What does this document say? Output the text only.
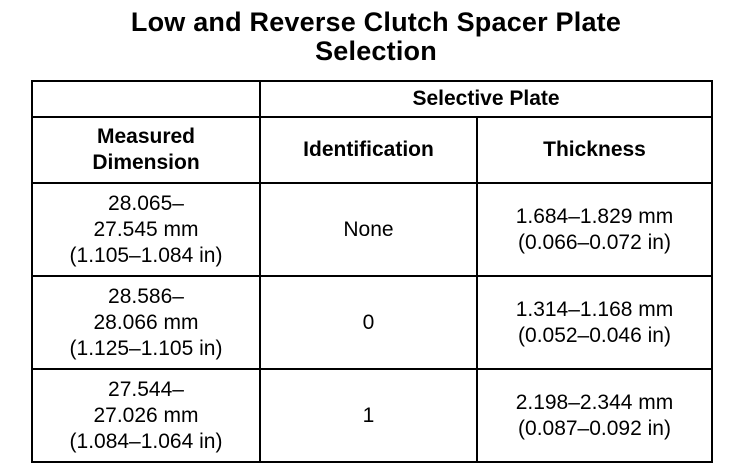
Low and Reverse Clutch Spacer Plate
Selection
	Selective Plate	

Measured
Dimension	Identification	Thickness

28.065–
27.545 mm
(1.105–1.084 in)	None	1.684–1.829 mm
(0.066–0.072 in)

28.586–
28.066 mm
(1.125–1.105 in)	0	1.314–1.168 mm
(0.052–0.046 in)

27.544–
27.026 mm
(1.084–1.064 in)	1	2.198–2.344 mm
(0.087–0.092 in)
